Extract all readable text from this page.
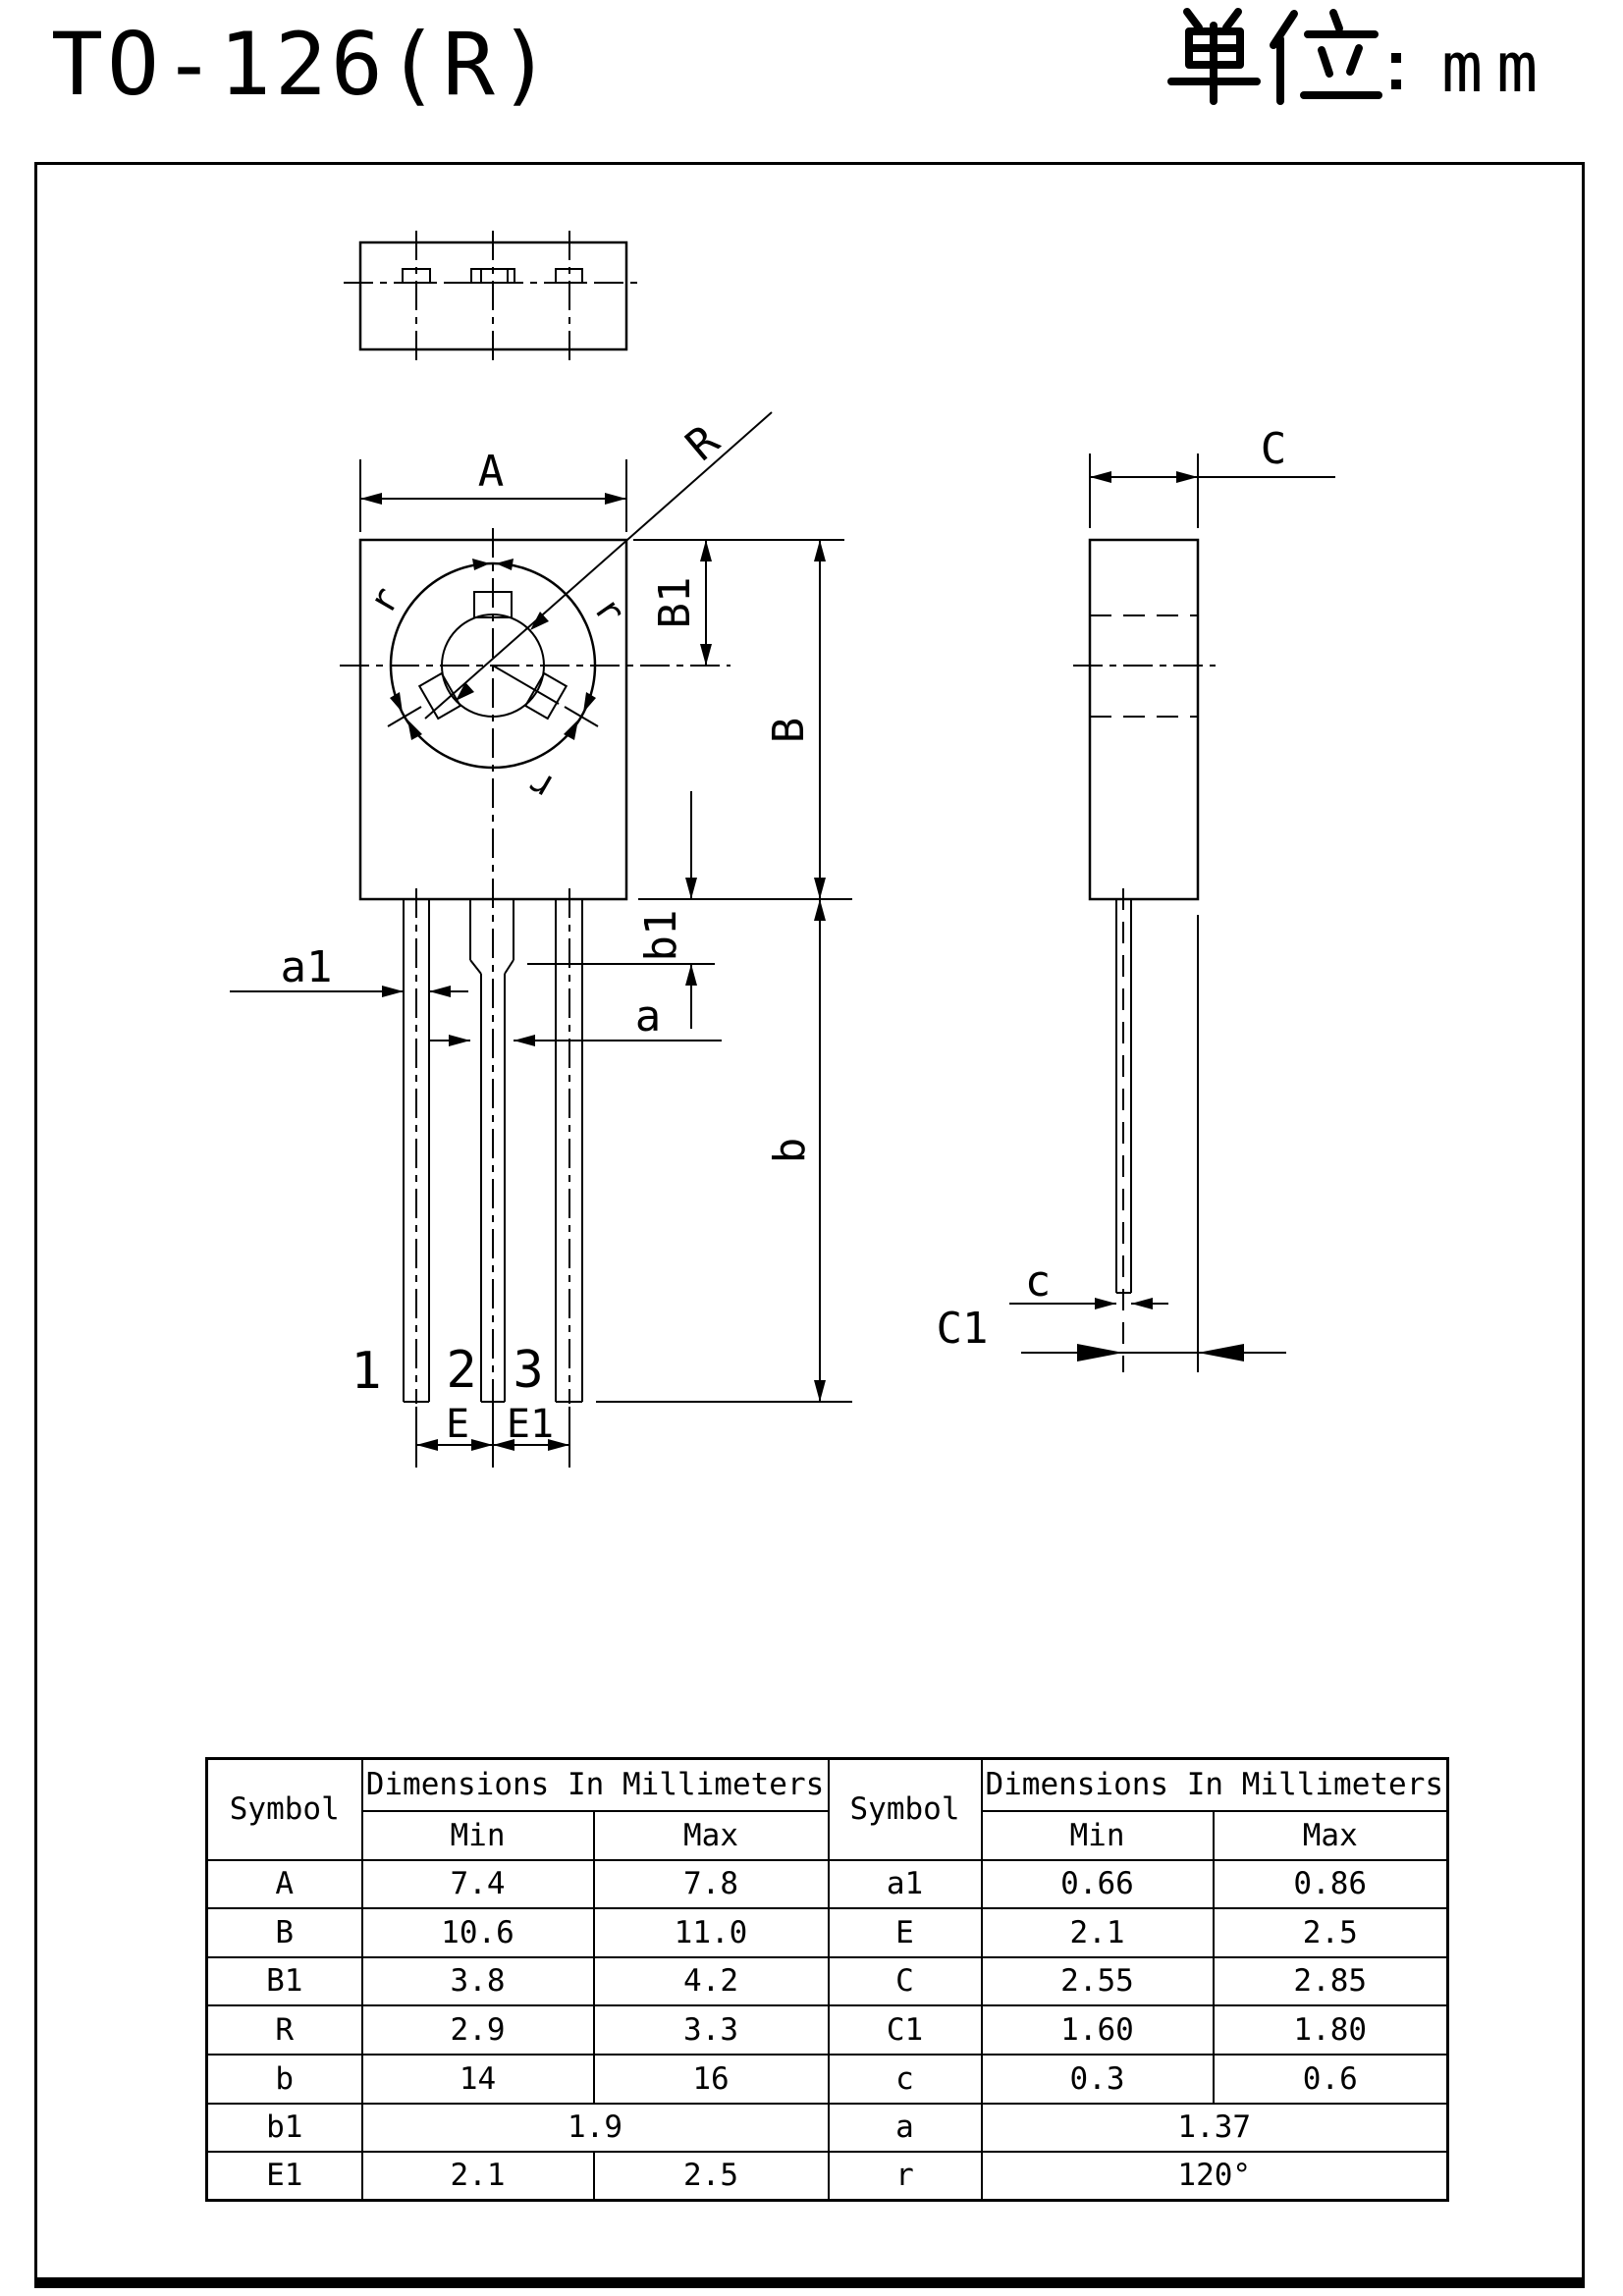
TO-126(R)	mm
A
R
B1
B
b
b1
a1
a
E E1
C
c
C1
r	r
r
1 2 3
Symbol	Dimensions In Millimeters		Symbol	Dimensions In Millimeters	
	Min	Max		Min	Max
A	7.4	7.8	a1	0.66	0.86
B	10.6	11.0	E	2.1	2.5
B1	3.8	4.2	C	2.55	2.85
R	2.9	3.3	C1	1.60	1.80
b	14	16	c	0.3	0.6
b1	1.9		a	1.37	
E1	2.1	2.5	r	120°	
